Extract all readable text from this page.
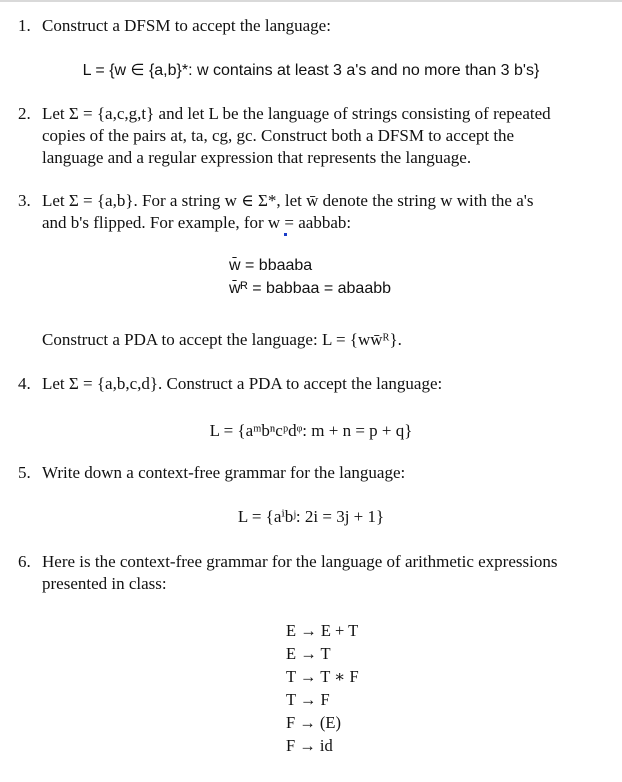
1. Construct a DFSM to accept the language:
L = {w ∈ {a,b}*: w contains at least 3 a's and no more than 3 b's}
2. Let Σ = {a,c,g,t} and let L be the language of strings consisting of repeated
copies of the pairs at, ta, cg, gc. Construct both a DFSM to accept the
language and a regular expression that represents the language.
3. Let Σ = {a,b}. For a string w ∈ Σ*, let w̄ denote the string w with the a's
and b's flipped. For example, for w = aabbab:
w̄ = bbaaba
w̄ᴿ = babbaa = abaabb
Construct a PDA to accept the language: L = {ww̄ᴿ}.
4. Let Σ = {a,b,c,d}. Construct a PDA to accept the language:
L = {aᵐbⁿcᵖdᵠ: m + n = p + q}
5. Write down a context-free grammar for the language:
L = {aⁱbʲ: 2i = 3j + 1}
6. Here is the context-free grammar for the language of arithmetic expressions
presented in class:
E → E + T
E → T
T → T ∗ F
T → F
F → (E)
F → id
